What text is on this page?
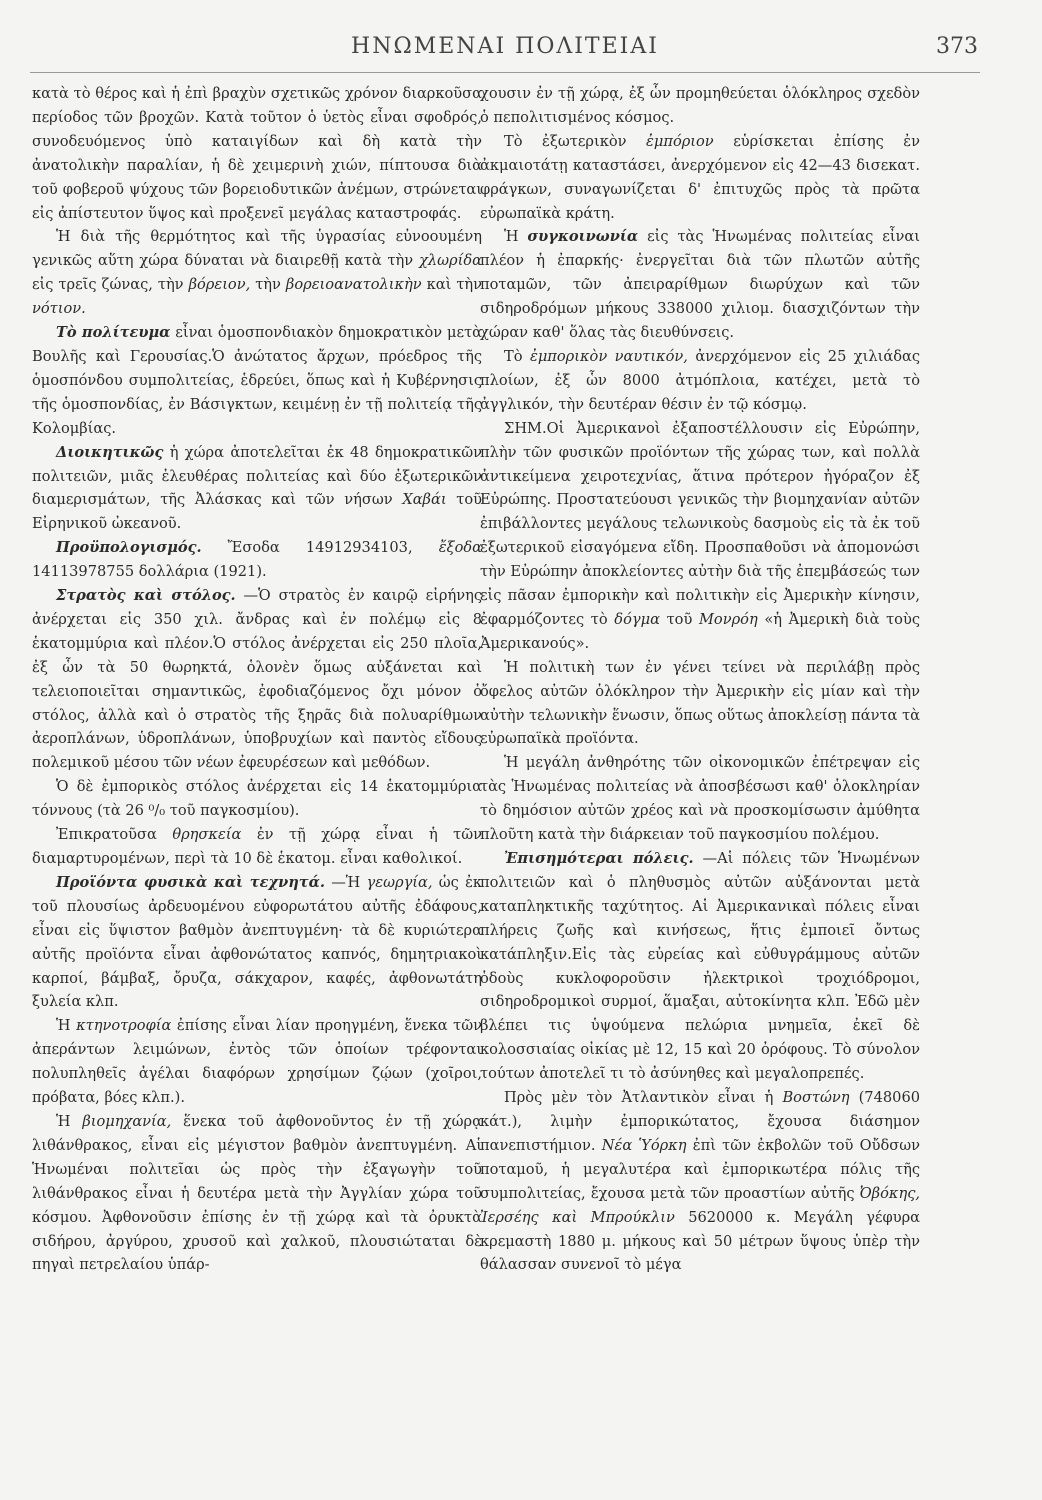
ΗΝΩΜΕΝΑΙ ΠΟΛΙΤΕΙΑΙ	373

κατὰ τὸ θέρος καὶ ἡ ἐπὶ βραχὺν σχετικῶς χρόνον διαρκοῦσα περίοδος τῶν βροχῶν. Κατὰ τοῦτον ὁ ὑετὸς εἶναι σφοδρός, συνοδευόμενος ὑπὸ καταιγίδων καὶ δὴ κατὰ τὴν ἀνατολικὴν παραλίαν, ἡ δὲ χειμερινὴ χιών, πίπτουσα διὰ τοῦ φοβεροῦ ψύχους τῶν βορειοδυτικῶν ἀνέμων, στρώνεται εἰς ἀπίστευτον ὕψος καὶ προξενεῖ μεγάλας καταστροφάς.

Ἡ διὰ τῆς θερμότητος καὶ τῆς ὑγρασίας εὐνοουμένη γενικῶς αὕτη χώρα δύναται νὰ διαιρεθῇ κατὰ τὴν χλωρίδα εἰς τρεῖς ζώνας, τὴν βόρειον, τὴν βορειοανατολικὴν καὶ τὴν νότιον.

Τὸ πολίτευμα εἶναι ὁμοσπονδιακὸν δημοκρατικὸν μετὰ Βουλῆς καὶ Γερουσίας.Ὁ ἀνώτατος ἄρχων, πρόεδρος τῆς ὁμοσπόνδου συμπολιτείας, ἑδρεύει, ὅπως καὶ ἡ Κυβέρνησις τῆς ὁμοσπονδίας, ἐν Βάσιγκτων, κειμένῃ ἐν τῇ πολιτείᾳ τῆς Κολομβίας.

Διοικητικῶς ἡ χώρα ἀποτελεῖται ἐκ 48 δημοκρατικῶν πολιτειῶν, μιᾶς ἐλευθέρας πολιτείας καὶ δύο ἐξωτερικῶν διαμερισμάτων, τῆς Ἀλάσκας καὶ τῶν νήσων Χαβάι τοῦ Εἰρηνικοῦ ὠκεανοῦ.

Προϋπολογισμός. Ἔσοδα 14912934103, ἔξοδα 14113978755 δολλάρια (1921).

Στρατὸς καὶ στόλος. —Ὁ στρατὸς ἐν καιρῷ εἰρήνης ἀνέρχεται εἰς 350 χιλ. ἄνδρας καὶ ἐν πολέμῳ εἰς 8 ἑκατομμύρια καὶ πλέον.Ὁ στόλος ἀνέρχεται εἰς 250 πλοῖα, ἐξ ὧν τὰ 50 θωρηκτά, ὁλονὲν ὅμως αὐξάνεται καὶ τελειοποιεῖται σημαντικῶς, ἐφοδιαζόμενος ὄχι μόνον ὁ στόλος, ἀλλὰ καὶ ὁ στρατὸς τῆς ξηρᾶς διὰ πολυαρίθμων ἀεροπλάνων, ὑδροπλάνων, ὑποβρυχίων καὶ παντὸς εἴδους πολεμικοῦ μέσου τῶν νέων ἐφευρέσεων καὶ μεθόδων.

Ὁ δὲ ἐμπορικὸς στόλος ἀνέρχεται εἰς 14 ἑκατομμύρια τόννους (τὰ 26 ⁰/₀ τοῦ παγκοσμίου).

Ἐπικρατοῦσα θρησκεία ἐν τῇ χώρᾳ εἶναι ἡ τῶν διαμαρτυρομένων, περὶ τὰ 10 δὲ ἑκατομ. εἶναι καθολικοί.

Προϊόντα φυσικὰ καὶ τεχνητά. —Ἡ γεωργία, ὡς ἐκ τοῦ πλουσίως ἀρδευομένου εὐφορωτάτου αὐτῆς ἐδάφους, εἶναι εἰς ὕψιστον βαθμὸν ἀνεπτυγμένη· τὰ δὲ κυριώτερα αὐτῆς προϊόντα εἶναι ἀφθονώτατος καπνός, δημητριακοὶ καρποί, βάμβαξ, ὄρυζα, σάκχαρον, καφές, ἀφθονωτάτη ξυλεία κλπ.

Ἡ κτηνοτροφία ἐπίσης εἶναι λίαν προηγμένη, ἕνεκα τῶν ἀπεράντων λειμώνων, ἐντὸς τῶν ὁποίων τρέφονται πολυπληθεῖς ἀγέλαι διαφόρων χρησίμων ζῴων (χοῖροι, πρόβατα, βόες κλπ.).

Ἡ βιομηχανία, ἕνεκα τοῦ ἀφθονοῦντος ἐν τῇ χώρᾳ λιθάνθρακος, εἶναι εἰς μέγιστον βαθμὸν ἀνεπτυγμένη. Αἱ Ἡνωμέναι πολιτεῖαι ὡς πρὸς τὴν ἐξαγωγὴν τοῦ λιθάνθρακος εἶναι ἡ δευτέρα μετὰ τὴν Ἀγγλίαν χώρα τοῦ κόσμου. Ἀφθονοῦσιν ἐπίσης ἐν τῇ χώρᾳ καὶ τὰ ὀρυκτὰ σιδήρου, ἀργύρου, χρυσοῦ καὶ χαλκοῦ, πλουσιώταται δὲ πηγαὶ πετρελαίου ὑπάρ-

χουσιν ἐν τῇ χώρᾳ, ἐξ ὧν προμηθεύεται ὁλόκληρος σχεδὸν ὁ πεπολιτισμένος κόσμος.

Τὸ ἐξωτερικὸν ἐμπόριον εὑρίσκεται ἐπίσης ἐν ἀκμαιοτάτῃ καταστάσει, ἀνερχόμενον εἰς 42—43 δισεκατ. φράγκων, συναγωνίζεται δ' ἐπιτυχῶς πρὸς τὰ πρῶτα εὐρωπαϊκὰ κράτη.

Ἡ συγκοινωνία εἰς τὰς Ἡνωμένας πολιτείας εἶναι πλέον ἡ ἐπαρκής· ἐνεργεῖται διὰ τῶν πλωτῶν αὐτῆς ποταμῶν, τῶν ἀπειραρίθμων διωρύχων καὶ τῶν σιδηροδρόμων μήκους 338000 χιλιομ. διασχιζόντων τὴν χώραν καθ' ὅλας τὰς διευθύνσεις.

Τὸ ἐμπορικὸν ναυτικόν, ἀνερχόμενον εἰς 25 χιλιάδας πλοίων, ἐξ ὧν 8000 ἀτμόπλοια, κατέχει, μετὰ τὸ ἀγγλικόν, τὴν δευτέραν θέσιν ἐν τῷ κόσμῳ.

ΣΗΜ.Οἱ Ἀμερικανοὶ ἐξαποστέλλουσιν εἰς Εὐρώπην, πλὴν τῶν φυσικῶν προϊόντων τῆς χώρας των, καὶ πολλὰ ἀντικείμενα χειροτεχνίας, ἅτινα πρότερον ἠγόραζον ἐξ Εὐρώπης. Προστατεύουσι γενικῶς τὴν βιομηχανίαν αὐτῶν ἐπιβάλλοντες μεγάλους τελωνικοὺς δασμοὺς εἰς τὰ ἐκ τοῦ ἐξωτερικοῦ εἰσαγόμενα εἴδη. Προσπαθοῦσι νὰ ἀπομονώσι τὴν Εὐρώπην ἀποκλείοντες αὐτὴν διὰ τῆς ἐπεμβάσεώς των εἰς πᾶσαν ἐμπορικὴν καὶ πολιτικὴν εἰς Ἀμερικὴν κίνησιν, ἐφαρμόζοντες τὸ δόγμα τοῦ Μονρόη «ἡ Ἀμερικὴ διὰ τοὺς Ἀμερικανούς».

Ἡ πολιτικὴ των ἐν γένει τείνει νὰ περιλάβῃ πρὸς ὄφελος αὐτῶν ὁλόκληρον τὴν Ἀμερικὴν εἰς μίαν καὶ τὴν αὐτὴν τελωνικὴν ἕνωσιν, ὅπως οὕτως ἀποκλείσῃ πάντα τὰ εὐρωπαϊκὰ προϊόντα.

Ἡ μεγάλη ἀνθηρότης τῶν οἰκονομικῶν ἐπέτρεψαν εἰς τὰς Ἡνωμένας πολιτείας νὰ ἀποσβέσωσι καθ' ὁλοκληρίαν τὸ δημόσιον αὐτῶν χρέος καὶ νὰ προσκομίσωσιν ἀμύθητα πλοῦτη κατὰ τὴν διάρκειαν τοῦ παγκοσμίου πολέμου.

Ἐπισημότεραι πόλεις. —Αἱ πόλεις τῶν Ἡνωμένων πολιτειῶν καὶ ὁ πληθυσμὸς αὐτῶν αὐξάνονται μετὰ καταπληκτικῆς ταχύτητος. Αἱ Ἀμερικανικαὶ πόλεις εἶναι πλήρεις ζωῆς καὶ κινήσεως, ἥτις ἐμποιεῖ ὄντως κατάπληξιν.Εἰς τὰς εὐρείας καὶ εὐθυγράμμους αὐτῶν ὁδοὺς κυκλοφοροῦσιν ἠλεκτρικοὶ τροχιόδρομοι, σιδηροδρομικοὶ συρμοί, ἅμαξαι, αὐτοκίνητα κλπ. Ἐδῶ μὲν βλέπει τις ὑψούμενα πελώρια μνημεῖα, ἐκεῖ δὲ κολοσσιαίας οἰκίας μὲ 12, 15 καὶ 20 ὀρόφους. Τὸ σύνολον τούτων ἀποτελεῖ τι τὸ ἀσύνηθες καὶ μεγαλοπρεπές.

Πρὸς μὲν τὸν Ἀτλαντικὸν εἶναι ἡ Βοστώνη (748060 κάτ.), λιμὴν ἐμπορικώτατος, ἔχουσα διάσημον πανεπιστήμιον. Νέα Ὑόρκη ἐπὶ τῶν ἐκβολῶν τοῦ Οὔδσων ποταμοῦ, ἡ μεγαλυτέρα καὶ ἐμπορικωτέρα πόλις τῆς συμπολιτείας, ἔχουσα μετὰ τῶν προαστίων αὐτῆς Ὀβόκης, Ἰερσέης καὶ Μπρούκλιν 5620000 κ. Μεγάλη γέφυρα κρεμαστὴ 1880 μ. μήκους καὶ 50 μέτρων ὕψους ὑπὲρ τὴν θάλασσαν συνενοῖ τὸ μέγα
